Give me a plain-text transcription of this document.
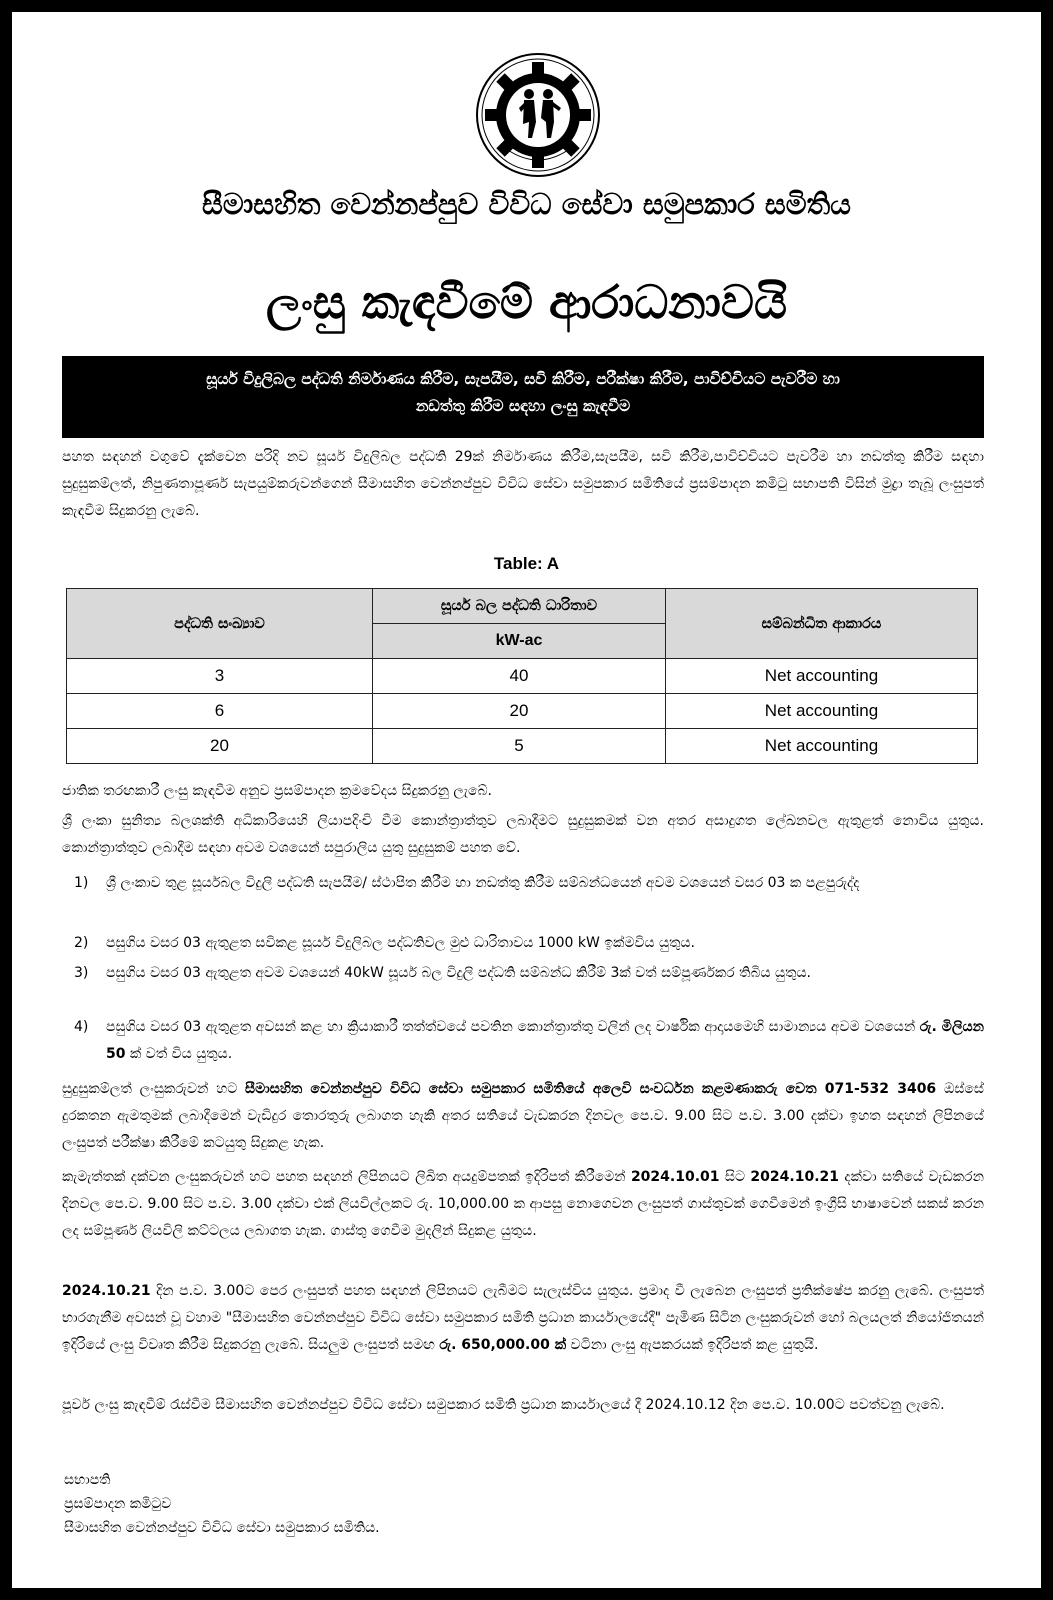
සීමාසහිත වෙන්නප්පුව විවිධ සේවා සමුපකාර සමිතිය
ලංසු කැඳවීමේ ආරාධනාවයි
සූර්ය විදුලිබල පද්ධති නිර්මාණය කිරීම, සැපයීම, සවි කිරීම, පරීක්ෂා කිරීම, පාවිච්චියට පැවරීම හා
නඩත්තු කිරීම සඳහා ලංසු කැඳවීම
පහත සඳහන් වගුවේ දැක්වෙන පරිදි නව සූර්ය විදුලිබල පද්ධති 29ක් නිර්මාණය කිරීම,සැපයීම, සවි කිරීම,පාවිච්චියට පැවරීම හා නඩත්තු කිරීම සඳහා සුදුසුකම්ලත්, නිපුණතාපූර්ණ සැපයුම්කරුවන්ගෙන් සීමාසහිත වෙන්නප්පුව විවිධ සේවා සමුපකාර සමිතියේ ප්‍රසම්පාදන කමිටු සභාපති විසින් මුද්‍රා තැබූ ලංසුපත් කැඳවීම සිදුකරනු ලැබේ.
Table: A
පද්ධති සංඛ්‍යාව	සූර්ය බල පද්ධති ධාරිතාව	සම්බන්ධිත ආකාරය
	kW-ac	
3	40	Net accounting
6	20	Net accounting
20	5	Net accounting
ජාතික තරඟකාරී ලංසු කැඳවීම අනුව ප්‍රසම්පාදන ක්‍රමවේදය සිදුකරනු ලැබේ.
ශ්‍රී ලංකා සුනිත්‍ය බලශක්ති අධිකාරියෙහි ලියාපදිංචි වීම කොන්ත්‍රාත්තුව ලබාදීමට සුදුසුකමක් වන අතර අසාදුගත ලේඛනවල ඇතුළත් නොවිය යුතුය. කොන්ත්‍රාත්තුව ලබාදීම සඳහා අවම වශයෙන් සපුරාලිය යුතු සුදුසුකම් පහත වේ.
1) ශ්‍රී ලංකාව තුළ සූර්යබල විදුලි පද්ධති සැපයීම/ ස්ථාපිත කිරීම හා නඩත්තු කිරීම සම්බන්ධයෙන් අවම වශයෙන් වසර 03 ක පළපුරුද්ද
2) පසුගිය වසර 03 ඇතුළත සවිකළ සූර්ය විදුලිබල පද්ධතිවල මුළු ධාරිතාවය 1000 kW ඉක්මවිය යුතුය.
3) පසුගිය වසර 03 ඇතුළත අවම වශයෙන් 40kW සූර්ය බල විදුලි පද්ධති සම්බන්ධ කිරීම් 3ක් වත් සම්පූර්ණකර තිබිය යුතුය.
4) පසුගිය වසර 03 ඇතුළත අවසන් කළ හා ක්‍රියාකාරී තත්ත්වයේ පවතින කොන්ත්‍රාත්තු වලින් ලද වාර්ෂික ආදායමෙහි සාමාන්‍යය අවම වශයෙන් රු. මිලියන 50 ක් වත් විය යුතුය.
සුදුසුකම්ලත් ලංසුකරුවන් හට සීමාසහිත වෙන්නප්පුව විවිධ සේවා සමුපකාර සමිතියේ අලෙවි සංවර්ධන කළමණාකරු වෙත 071-532 3406 ඔස්සේ දුරකතන ඇමතුමක් ලබාදීමෙන් වැඩිදුර තොරතුරු ලබාගත හැකි අතර සතියේ වැඩකරන දිනවල පෙ.ව. 9.00 සිට ප.ව. 3.00 දක්වා ඉහත සඳහන් ලිපිනයේ ලංසුපත් පරීක්ෂා කිරීමේ කටයුතු සිදුකළ හැක.
කැමැත්තක් දක්වන ලංසුකරුවන් හට පහත සඳහන් ලිපිනයට ලිඛිත අයදුම්පතක් ඉදිරිපත් කිරීමෙන් 2024.10.01 සිට 2024.10.21 දක්වා සතියේ වැඩකරන දිනවල පෙ.ව. 9.00 සිට ප.ව. 3.00 දක්වා එක් ලියවිල්ලකට රු. 10,000.00 ක ආපසු නොගෙවන ලංසුපත් ගාස්තුවක් ගෙවීමෙන් ඉංග්‍රීසි භාෂාවෙන් සකස් කරන ලද සම්පූර්ණ ලියවිලි කට්ටලය ලබාගත හැක. ගාස්තු ගෙවීම මුදලින් සිදුකළ යුතුය.
2024.10.21 දින ප.ව. 3.00ට පෙර ලංසුපත් පහත සඳහන් ලිපිනයට ලැබීමට සැලැස්විය යුතුය. ප්‍රමාද වී ලැබෙන ලංසුපත් ප්‍රතික්ෂේප කරනු ලැබේ. ලංසුපත් භාරගැනීම අවසන් වූ වහාම "සීමාසහිත වෙන්නප්පුව විවිධ සේවා සමුපකාර සමිති ප්‍රධාන කාර්යාලයේදී" පැමිණ සිටින ලංසුකරුවන් හෝ බලයලත් නියෝජිතයන් ඉදිරියේ ලංසු විවෘත කිරීම සිදුකරනු ලැබේ. සියලුම ලංසුපත් සමඟ රු. 650,000.00 ක් වටිනා ලංසු ඇපකරයක් ඉදිරිපත් කළ යුතුයි.
පූර්ව ලංසු කැඳවීම් රැස්වීම සීමාසහිත වෙන්නප්පුව විවිධ සේවා සමුපකාර සමිති ප්‍රධාන කාර්යාලයේ දී 2024.10.12 දින පෙ.ව. 10.00ට පවත්වනු ලැබේ.
සභාපති
ප්‍රසම්පාදන කමිටුව
සීමාසහිත වෙන්නප්පුව විවිධ සේවා සමුපකාර සමිතිය.
